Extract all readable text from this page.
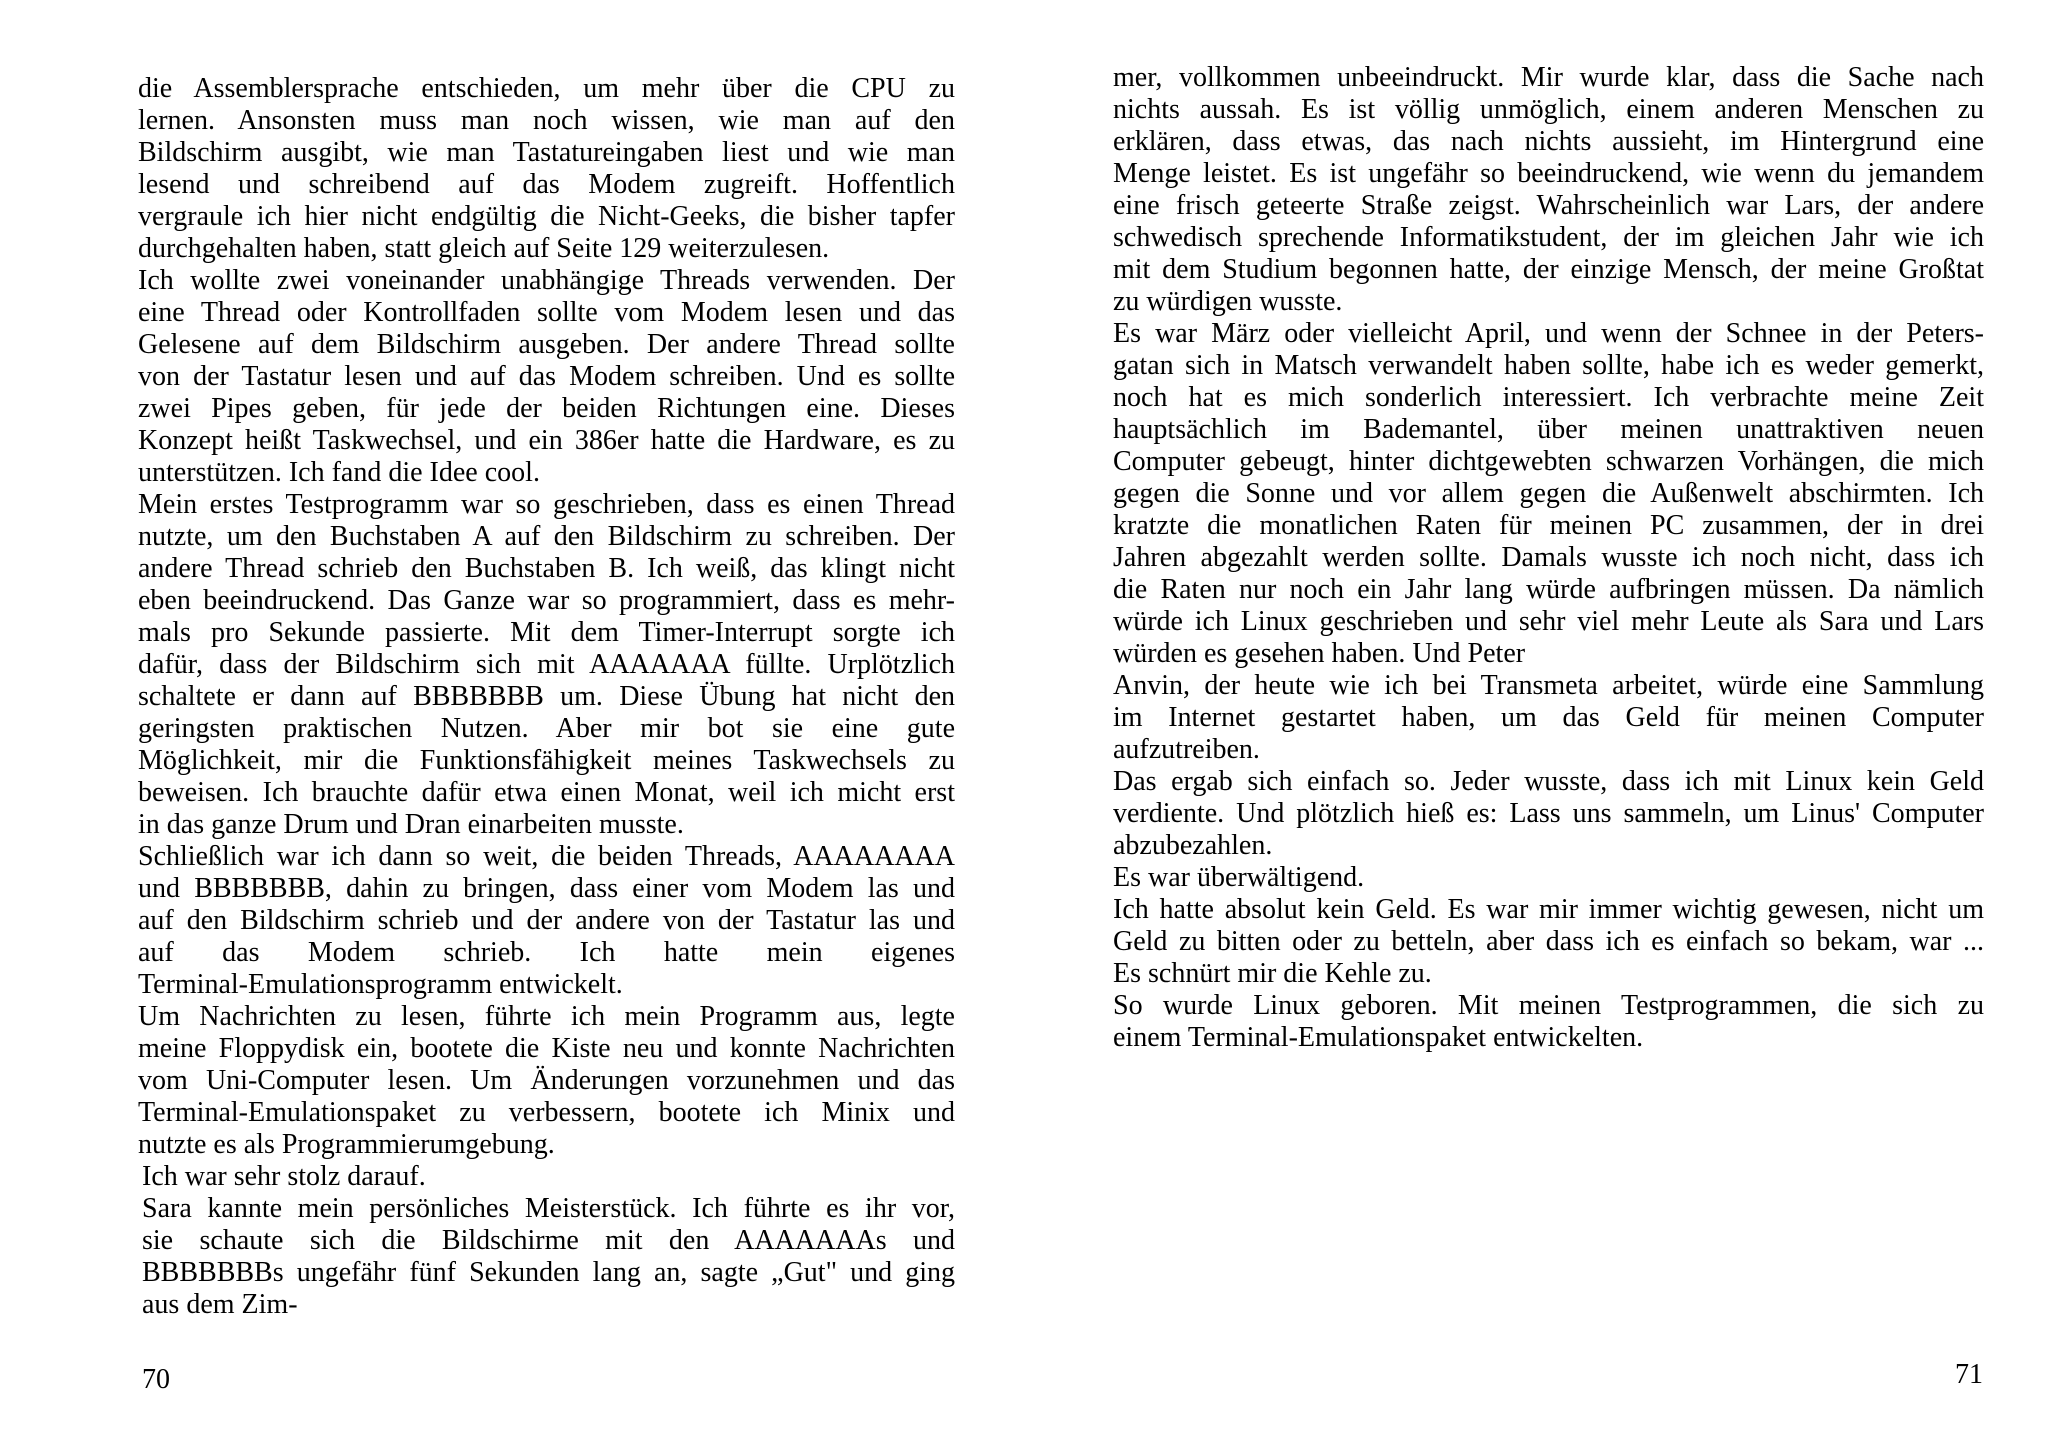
die Assemblersprache entschieden, um mehr über die CPU zu
lernen. Ansonsten muss man noch wissen, wie man auf den
Bildschirm ausgibt, wie man Tastatureingaben liest und wie man
lesend und schreibend auf das Modem zugreift. Hoffentlich
vergraule ich hier nicht endgültig die Nicht-Geeks, die bisher tapfer
durchgehalten haben, statt gleich auf Seite 129 weiterzulesen.
Ich wollte zwei voneinander unabhängige Threads verwenden. Der
eine Thread oder Kontrollfaden sollte vom Modem lesen und das
Gelesene auf dem Bildschirm ausgeben. Der andere Thread sollte
von der Tastatur lesen und auf das Modem schreiben. Und es sollte
zwei Pipes geben, für jede der beiden Richtungen eine. Dieses
Konzept heißt Taskwechsel, und ein 386er hatte die Hardware, es zu
unterstützen. Ich fand die Idee cool.
Mein erstes Testprogramm war so geschrieben, dass es einen Thread
nutzte, um den Buchstaben A auf den Bildschirm zu schreiben. Der
andere Thread schrieb den Buchstaben B. Ich weiß, das klingt nicht
eben beeindruckend. Das Ganze war so programmiert, dass es mehr-
mals pro Sekunde passierte. Mit dem Timer-Interrupt sorgte ich
dafür, dass der Bildschirm sich mit AAAAAAA füllte. Urplötzlich
schaltete er dann auf BBBBBBB um. Diese Übung hat nicht den
geringsten praktischen Nutzen. Aber mir bot sie eine gute
Möglichkeit, mir die Funktionsfähigkeit meines Taskwechsels zu
beweisen. Ich brauchte dafür etwa einen Monat, weil ich micht erst
in das ganze Drum und Dran einarbeiten musste.
Schließlich war ich dann so weit, die beiden Threads, AAAAAAAA
und BBBBBBB, dahin zu bringen, dass einer vom Modem las und
auf den Bildschirm schrieb und der andere von der Tastatur las und
auf das Modem schrieb. Ich hatte mein eigenes
Terminal-Emulationsprogramm entwickelt.
Um Nachrichten zu lesen, führte ich mein Programm aus, legte
meine Floppydisk ein, bootete die Kiste neu und konnte Nachrichten
vom Uni-Computer lesen. Um Änderungen vorzunehmen und das
Terminal-Emulationspaket zu verbessern, bootete ich Minix und
nutzte es als Programmierumgebung.
Ich war sehr stolz darauf.
Sara kannte mein persönliches Meisterstück. Ich führte es ihr vor,
sie schaute sich die Bildschirme mit den AAAAAAAs und
BBBBBBBs ungefähr fünf Sekunden lang an, sagte „Gut" und ging
aus dem Zim-
mer, vollkommen unbeeindruckt. Mir wurde klar, dass die Sache nach
nichts aussah. Es ist völlig unmöglich, einem anderen Menschen zu
erklären, dass etwas, das nach nichts aussieht, im Hintergrund eine
Menge leistet. Es ist ungefähr so beeindruckend, wie wenn du jemandem
eine frisch geteerte Straße zeigst. Wahrscheinlich war Lars, der andere
schwedisch sprechende Informatikstudent, der im gleichen Jahr wie ich
mit dem Studium begonnen hatte, der einzige Mensch, der meine Großtat
zu würdigen wusste.
Es war März oder vielleicht April, und wenn der Schnee in der Peters-
gatan sich in Matsch verwandelt haben sollte, habe ich es weder gemerkt,
noch hat es mich sonderlich interessiert. Ich verbrachte meine Zeit
hauptsächlich im Bademantel, über meinen unattraktiven neuen
Computer gebeugt, hinter dichtgewebten schwarzen Vorhängen, die mich
gegen die Sonne und vor allem gegen die Außenwelt abschirmten. Ich
kratzte die monatlichen Raten für meinen PC zusammen, der in drei
Jahren abgezahlt werden sollte. Damals wusste ich noch nicht, dass ich
die Raten nur noch ein Jahr lang würde aufbringen müssen. Da nämlich
würde ich Linux geschrieben und sehr viel mehr Leute als Sara und Lars
würden es gesehen haben. Und Peter
Anvin, der heute wie ich bei Transmeta arbeitet, würde eine Sammlung
im Internet gestartet haben, um das Geld für meinen Computer
aufzutreiben.
Das ergab sich einfach so. Jeder wusste, dass ich mit Linux kein Geld
verdiente. Und plötzlich hieß es: Lass uns sammeln, um Linus' Computer
abzubezahlen.
Es war überwältigend.
Ich hatte absolut kein Geld. Es war mir immer wichtig gewesen, nicht um
Geld zu bitten oder zu betteln, aber dass ich es einfach so bekam, war ...
Es schnürt mir die Kehle zu.
So wurde Linux geboren. Mit meinen Testprogrammen, die sich zu
einem Terminal-Emulationspaket entwickelten.
70	71
